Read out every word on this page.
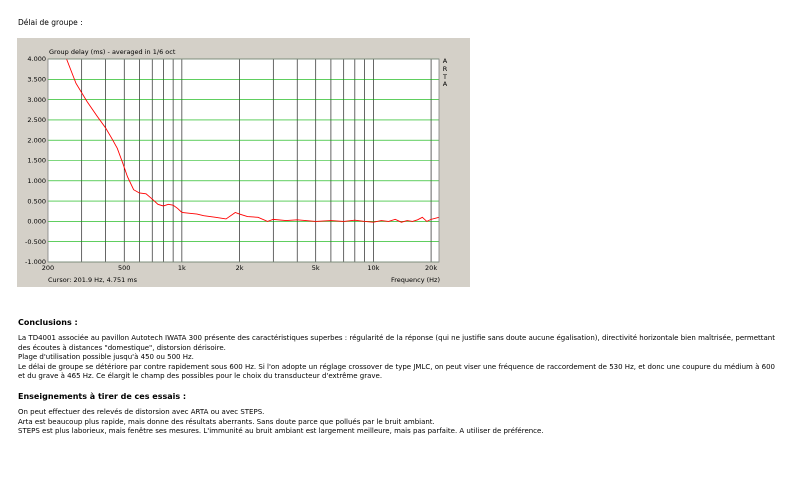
Délai de groupe :
4.000
3.500
3.000
2.500
2.000
1.500
1.000
0.500
0.000
-0.500
-1.000
200	500	1k	2k	5k	10k	20k
Group delay (ms) - averaged in 1/6 oct
A
R
T
A
Cursor: 201.9 Hz, 4.751 ms	Frequency (Hz)
Conclusions :

La TD4001 associée au pavillon Autotech IWATA 300 présente des caractéristiques superbes : régularité de la réponse (qui ne justifie sans doute aucune égalisation), directivité horizontale bien maîtrisée, permettant des écoutes à distances "domestique", distorsion dérisoire.

Plage d'utilisation possible jusqu'à 450 ou 500 Hz.

Le délai de groupe se détériore par contre rapidement sous 600 Hz. Si l'on adopte un réglage crossover de type JMLC, on peut viser une fréquence de raccordement de 530 Hz, et donc une coupure du médium à 600 et du grave à 465 Hz. Ce élargit le champ des possibles pour le choix du transducteur d'extrême grave.

Enseignements à tirer de ces essais :

On peut effectuer des relevés de distorsion avec ARTA ou avec STEPS.

Arta est beaucoup plus rapide, mais donne des résultats aberrants. Sans doute parce que pollués par le bruit ambiant.

STEPS est plus laborieux, mais fenêtre ses mesures. L'immunité au bruit ambiant est largement meilleure, mais pas parfaite. A utiliser de préférence.
